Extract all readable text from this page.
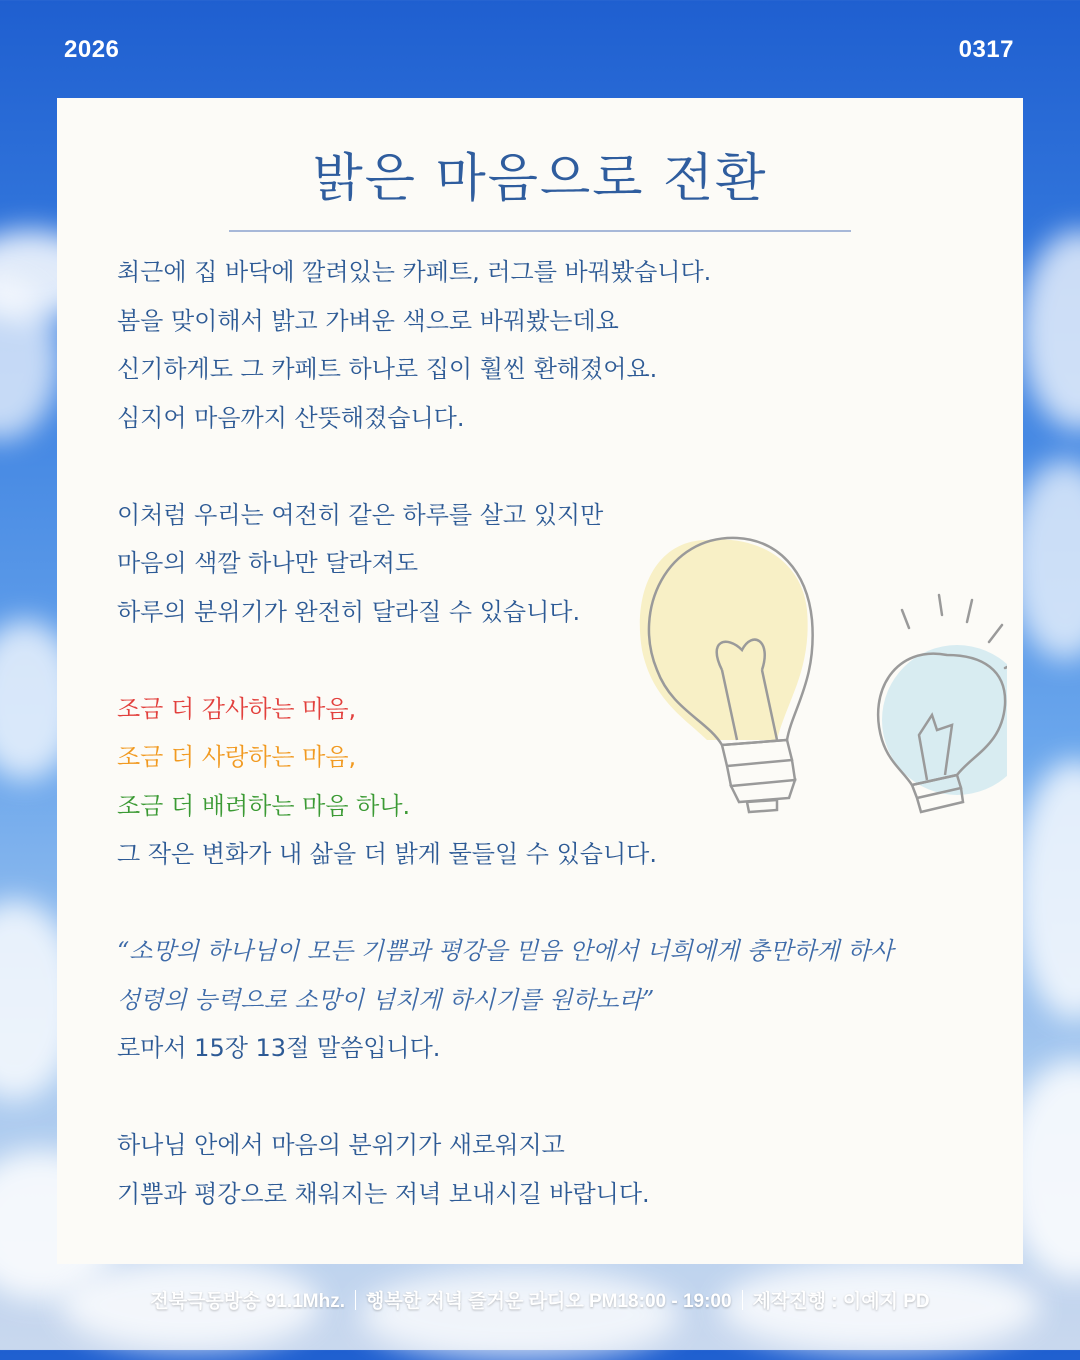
2026	0317
밝은 마음으로 전환
최근에 집 바닥에 깔려있는 카페트, 러그를 바꿔봤습니다.
봄을 맞이해서 밝고 가벼운 색으로 바꿔봤는데요
신기하게도 그 카페트 하나로 집이 훨씬 환해졌어요.
심지어 마음까지 산뜻해졌습니다.
이처럼 우리는 여전히 같은 하루를 살고 있지만
마음의 색깔 하나만 달라져도
하루의 분위기가 완전히 달라질 수 있습니다.
조금 더 감사하는 마음,
조금 더 사랑하는 마음,
조금 더 배려하는 마음 하나.
그 작은 변화가 내 삶을 더 밝게 물들일 수 있습니다.
“소망의 하나님이 모든 기쁨과 평강을 믿음 안에서 너희에게 충만하게 하사
성령의 능력으로 소망이 넘치게 하시기를 원하노라”
로마서 15장 13절 말씀입니다.
하나님 안에서 마음의 분위기가 새로워지고
기쁨과 평강으로 채워지는 저녁 보내시길 바랍니다.
전북극동방송 91.1Mhz. 행복한 저녁 즐거운 라디오 PM18:00 - 19:00 제작진행 : 이예지 PD
